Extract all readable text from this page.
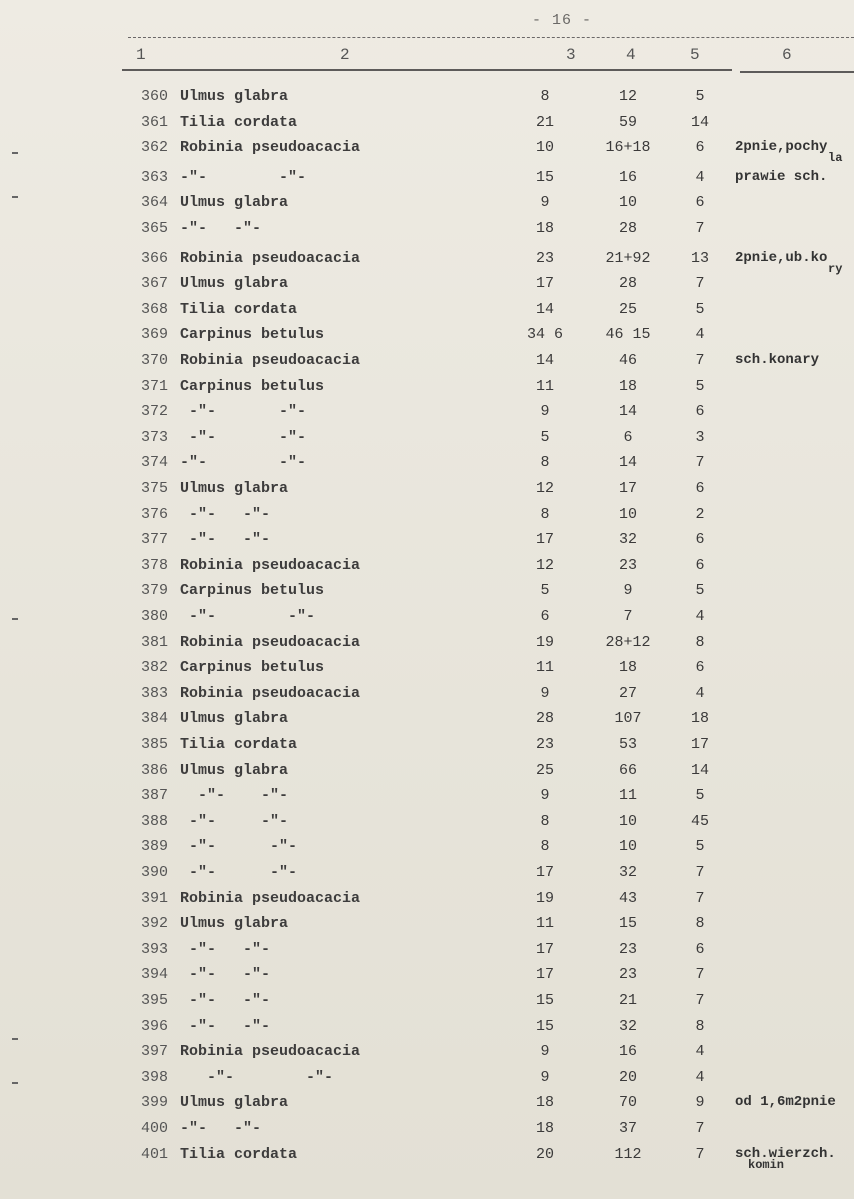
- 16 -
1	2	3	4	5	6
360 Ulmus glabra	8	12	5
361 Tilia cordata	21	59	14
362 Robinia pseudoacacia	10	16+18	6	2pnie,pochy
la
363 -"-        -"-	15	16	4	prawie sch.
364 Ulmus glabra	9	10	6
365 -"-   -"-	18	28	7
366 Robinia pseudoacacia	23	21+92	13	2pnie,ub.ko
ry
367 Ulmus glabra	17	28	7
368 Tilia cordata	14	25	5
369 Carpinus betulus	34 6	46 15	4
370 Robinia pseudoacacia	14	46	7	sch.konary
371 Carpinus betulus	11	18	5
372 -"-       -"-	9	14	6
373 -"-       -"-	5	6	3
374 -"-        -"-	8	14	7
375 Ulmus glabra	12	17	6
376 -"-   -"-	8	10	2
377 -"-   -"-	17	32	6
378 Robinia pseudoacacia	12	23	6
379 Carpinus betulus	5	9	5
380 -"-        -"-	6	7	4
381 Robinia pseudoacacia	19	28+12	8
382 Carpinus betulus	11	18	6
383 Robinia pseudoacacia	9	27	4
384 Ulmus glabra	28	107	18
385 Tilia cordata	23	53	17
386 Ulmus glabra	25	66	14
387 -"-    -"-	9	11	5
388 -"-     -"-	8	10	45
389 -"-      -"-	8	10	5
390 -"-      -"-	17	32	7
391 Robinia pseudoacacia	19	43	7
392 Ulmus glabra	11	15	8
393 -"-   -"-	17	23	6
394 -"-   -"-	17	23	7
395 -"-   -"-	15	21	7
396 -"-   -"-	15	32	8
397 Robinia pseudoacacia	9	16	4
398 -"-        -"-	9	20	4
399 Ulmus glabra	18	70	9	od 1,6m2pnie
400 -"-   -"-	18	37	7
401 Tilia cordata	20	112	7	sch.wierzch.
komin
